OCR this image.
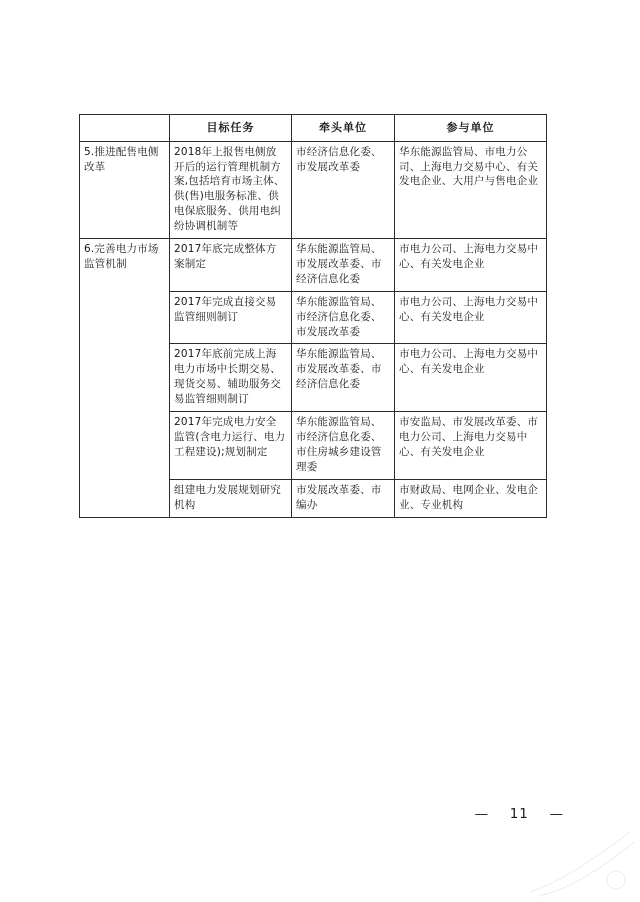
	目标任务	牵头单位	参与单位
5.推进配售电侧改革	2018年上报售电侧放开后的运行管理机制方案,包括培育市场主体、供(售)电服务标准、供电保底服务、供用电纠纷协调机制等	市经济信息化委、市发展改革委	华东能源监管局、市电力公司、上海电力交易中心、有关发电企业、大用户与售电企业
6.完善电力市场监管机制	2017年底完成整体方案制定	华东能源监管局、市发展改革委、市经济信息化委	市电力公司、上海电力交易中心、有关发电企业
	2017年完成直接交易监管细则制订	华东能源监管局、市经济信息化委、市发展改革委	市电力公司、上海电力交易中心、有关发电企业
	2017年底前完成上海电力市场中长期交易、现货交易、辅助服务交易监管细则制订	华东能源监管局、市发展改革委、市经济信息化委	市电力公司、上海电力交易中心、有关发电企业
	2017年完成电力安全监管(含电力运行、电力工程建设);规划制定	华东能源监管局、市经济信息化委、市住房城乡建设管理委	市安监局、市发展改革委、市电力公司、上海电力交易中心、有关发电企业
	组建电力发展规划研究机构	市发展改革委、市编办	市财政局、电网企业、发电企业、专业机构
— 11 —
